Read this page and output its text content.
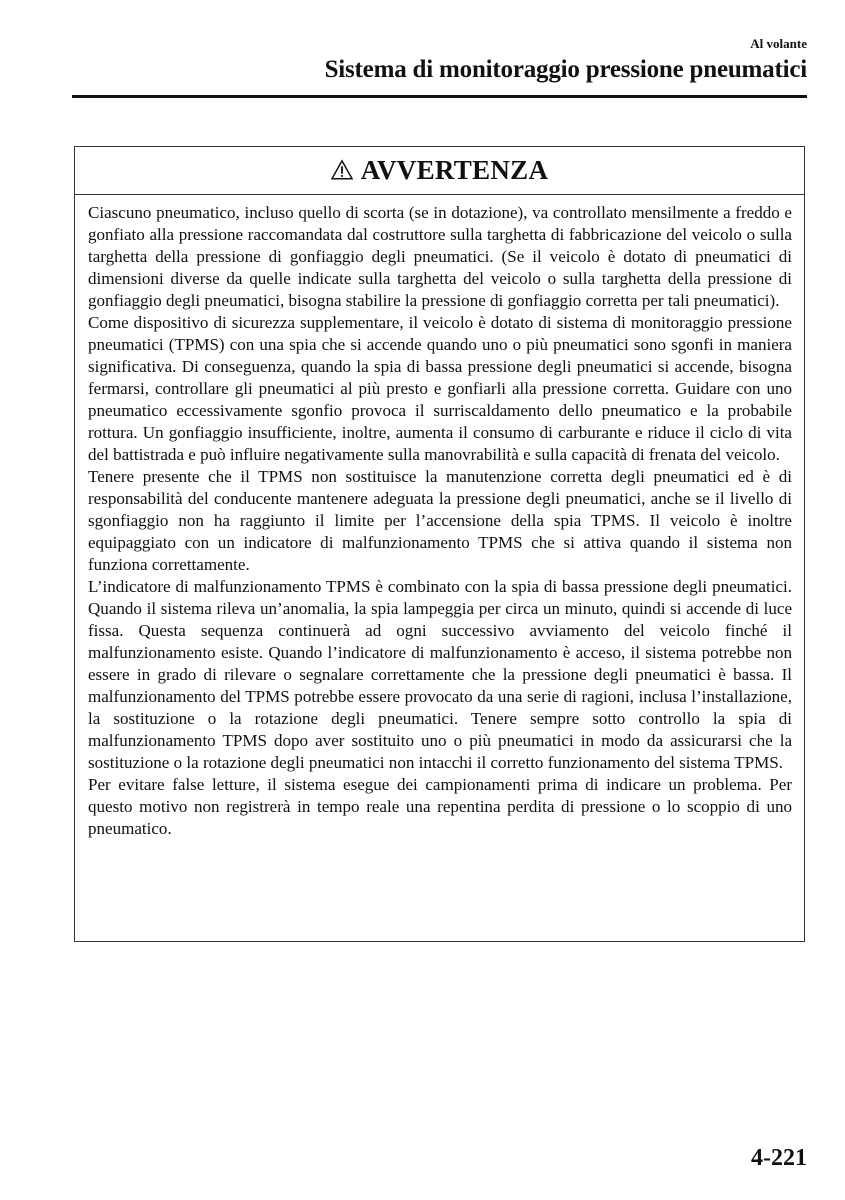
Al volante
Sistema di monitoraggio pressione pneumatici
AVVERTENZA

Ciascuno pneumatico, incluso quello di scorta (se in dotazione), va controllato mensilmente a freddo e gonfiato alla pressione raccomandata dal costruttore sulla targhetta di fabbricazione del veicolo o sulla targhetta della pressione di gonfiaggio degli pneumatici. (Se il veicolo è dotato di pneumatici di dimensioni diverse da quelle indicate sulla targhetta del veicolo o sulla targhetta della pressione di gonfiaggio degli pneumatici, bisogna stabilire la pressione di gonfiaggio corretta per tali pneumatici).

Come dispositivo di sicurezza supplementare, il veicolo è dotato di sistema di monitoraggio pressione pneumatici (TPMS) con una spia che si accende quando uno o più pneumatici sono sgonfi in maniera significativa. Di conseguenza, quando la spia di bassa pressione degli pneumatici si accende, bisogna fermarsi, controllare gli pneumatici al più presto e gonfiarli alla pressione corretta. Guidare con uno pneumatico eccessivamente sgonfio provoca il surriscaldamento dello pneumatico e la probabile rottura. Un gonfiaggio insufficiente, inoltre, aumenta il consumo di carburante e riduce il ciclo di vita del battistrada e può influire negativamente sulla manovrabilità e sulla capacità di frenata del veicolo.

Tenere presente che il TPMS non sostituisce la manutenzione corretta degli pneumatici ed è di responsabilità del conducente mantenere adeguata la pressione degli pneumatici, anche se il livello di sgonfiaggio non ha raggiunto il limite per l’accensione della spia TPMS. Il veicolo è inoltre equipaggiato con un indicatore di malfunzionamento TPMS che si attiva quando il sistema non funziona correttamente.

L’indicatore di malfunzionamento TPMS è combinato con la spia di bassa pressione degli pneumatici. Quando il sistema rileva un’anomalia, la spia lampeggia per circa un minuto, quindi si accende di luce fissa. Questa sequenza continuerà ad ogni successivo avviamento del veicolo finché il malfunzionamento esiste. Quando l’indicatore di malfunzionamento è acceso, il sistema potrebbe non essere in grado di rilevare o segnalare correttamente che la pressione degli pneumatici è bassa. Il malfunzionamento del TPMS potrebbe essere provocato da una serie di ragioni, inclusa l’installazione, la sostituzione o la rotazione degli pneumatici. Tenere sempre sotto controllo la spia di malfunzionamento TPMS dopo aver sostituito uno o più pneumatici in modo da assicurarsi che la sostituzione o la rotazione degli pneumatici non intacchi il corretto funzionamento del sistema TPMS.

Per evitare false letture, il sistema esegue dei campionamenti prima di indicare un problema. Per questo motivo non registrerà in tempo reale una repentina perdita di pressione o lo scoppio di uno pneumatico.

4-221
